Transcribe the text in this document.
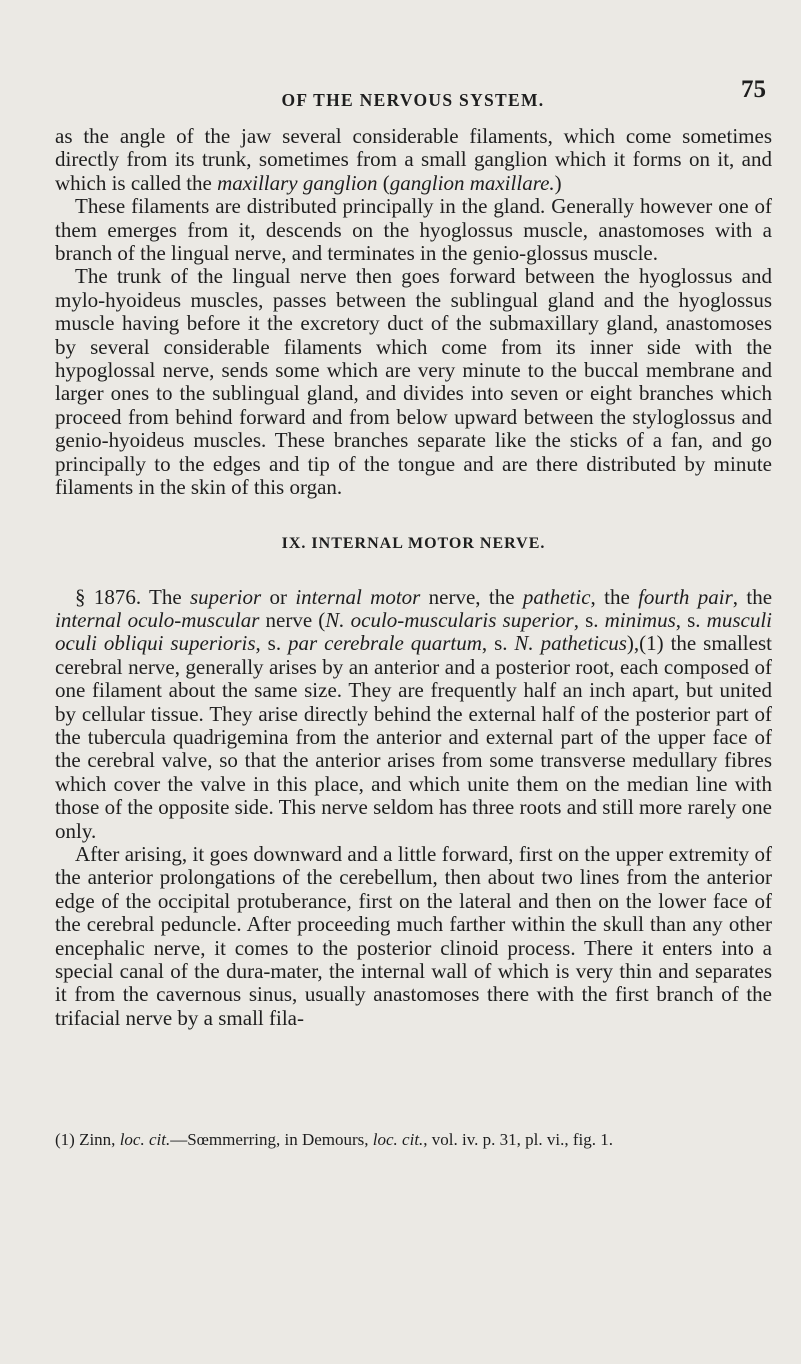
OF THE NERVOUS SYSTEM.	75

as the angle of the jaw several considerable filaments, which come sometimes directly from its trunk, sometimes from a small ganglion which it forms on it, and which is called the maxillary ganglion (ganglion maxillare.)

These filaments are distributed principally in the gland. Generally however one of them emerges from it, descends on the hyoglossus muscle, anastomoses with a branch of the lingual nerve, and terminates in the genio-glossus muscle.

The trunk of the lingual nerve then goes forward between the hyoglossus and mylo-hyoideus muscles, passes between the sublingual gland and the hyoglossus muscle having before it the excretory duct of the submaxillary gland, anastomoses by several considerable filaments which come from its inner side with the hypoglossal nerve, sends some which are very minute to the buccal membrane and larger ones to the sublingual gland, and divides into seven or eight branches which proceed from behind forward and from below upward between the styloglossus and genio-hyoideus muscles. These branches separate like the sticks of a fan, and go principally to the edges and tip of the tongue and are there distributed by minute filaments in the skin of this organ.

IX. INTERNAL MOTOR NERVE.

§ 1876. The superior or internal motor nerve, the pathetic, the fourth pair, the internal oculo-muscular nerve (N. oculo-muscularis superior, s. minimus, s. musculi oculi obliqui superioris, s. par cerebrale quartum, s. N. patheticus),(1) the smallest cerebral nerve, generally arises by an anterior and a posterior root, each composed of one filament about the same size. They are frequently half an inch apart, but united by cellular tissue. They arise directly behind the external half of the posterior part of the tubercula quadrigemina from the anterior and external part of the upper face of the cerebral valve, so that the anterior arises from some transverse medullary fibres which cover the valve in this place, and which unite them on the median line with those of the opposite side. This nerve seldom has three roots and still more rarely one only.

After arising, it goes downward and a little forward, first on the upper extremity of the anterior prolongations of the cerebellum, then about two lines from the anterior edge of the occipital protuberance, first on the lateral and then on the lower face of the cerebral peduncle. After proceeding much farther within the skull than any other encephalic nerve, it comes to the posterior clinoid process. There it enters into a special canal of the dura-mater, the internal wall of which is very thin and separates it from the cavernous sinus, usually anastomoses there with the first branch of the trifacial nerve by a small fila-

(1) Zinn, loc. cit.—Sœmmerring, in Demours, loc. cit., vol. iv. p. 31, pl. vi., fig. 1.
